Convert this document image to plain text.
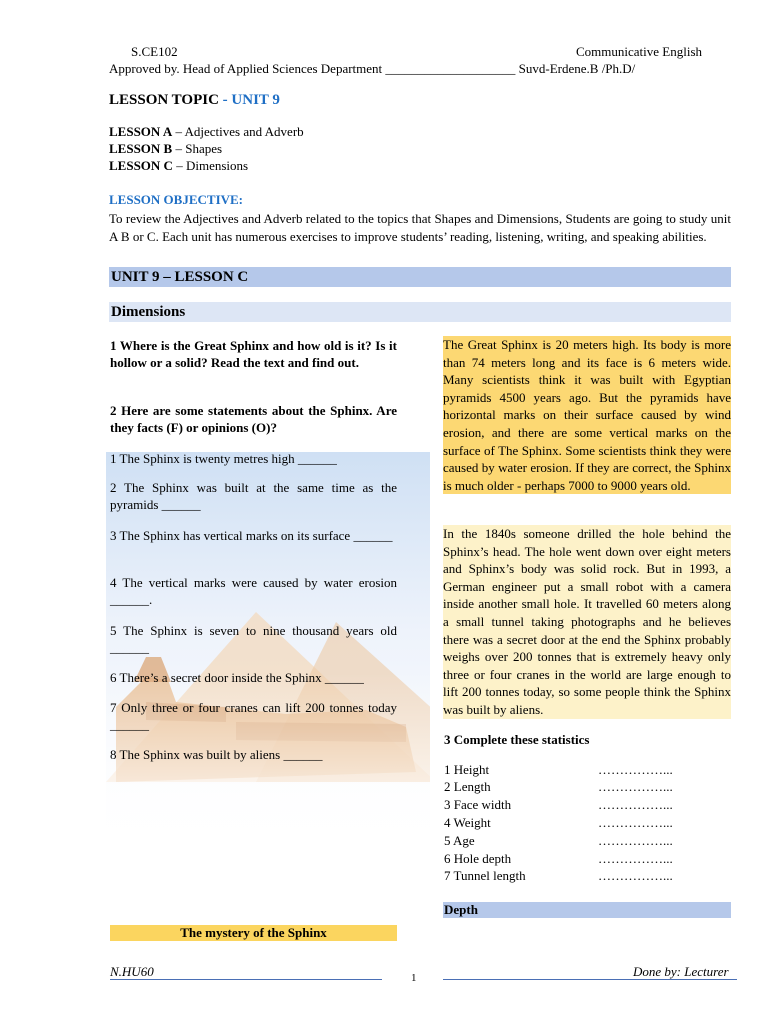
S.CE102	Communicative English
Approved by. Head of Applied Sciences Department ____________________ Suvd-Erdene.B /Ph.D/
LESSON TOPIC - UNIT 9
LESSON A – Adjectives and Adverb
LESSON B – Shapes
LESSON C – Dimensions
LESSON OBJECTIVE:
To review the Adjectives and Adverb related to the topics that Shapes and Dimensions, Students are going to study unit A B or C. Each unit has numerous exercises to improve students’ reading, listening, writing, and speaking abilities.
UNIT 9 – LESSON C
Dimensions
1 Where is the Great Sphinx and how old is it? Is it hollow or a solid? Read the text and find out.
2 Here are some statements about the Sphinx. Are they facts (F) or opinions (O)?
1 The Sphinx is twenty metres high ______
2 The Sphinx was built at the same time as the pyramids ______
3 The Sphinx has vertical marks on its surface ______
4 The vertical marks were caused by water erosion ______.
5 The Sphinx is seven to nine thousand years old ______
6 There’s a secret door inside the Sphinx ______
7 Only three or four cranes can lift 200 tonnes today ______
8 The Sphinx was built by aliens ______
The mystery of the Sphinx
The Great Sphinx is 20 meters high. Its body is more than 74 meters long and its face is 6 meters wide. Many scientists think it was built with Egyptian pyramids 4500 years ago. But the pyramids have horizontal marks on their surface caused by wind erosion, and there are some vertical marks on the surface of The Sphinx. Some scientists think they were caused by water erosion. If they are correct, the Sphinx is much older - perhaps 7000 to 9000 years old.
In the 1840s someone drilled the hole behind the Sphinx’s head. The hole went down over eight meters and Sphinx’s body was solid rock. But in 1993, a German engineer put a small robot with a camera inside another small hole. It travelled 60 meters along a small tunnel taking photographs and he believes there was a secret door at the end the Sphinx probably weighs over 200 tonnes that is extremely heavy only three or four cranes in the world are large enough to lift 200 tonnes today, so some people think the Sphinx was built by aliens.
3 Complete these statistics
1 Height	……………...
2 Length	……………...
3 Face width	……………...
4 Weight	……………...
5 Age	……………...
6 Hole depth	……………...
7 Tunnel length	……………...
Depth
N.HU60	1	Done by: Lecturer
